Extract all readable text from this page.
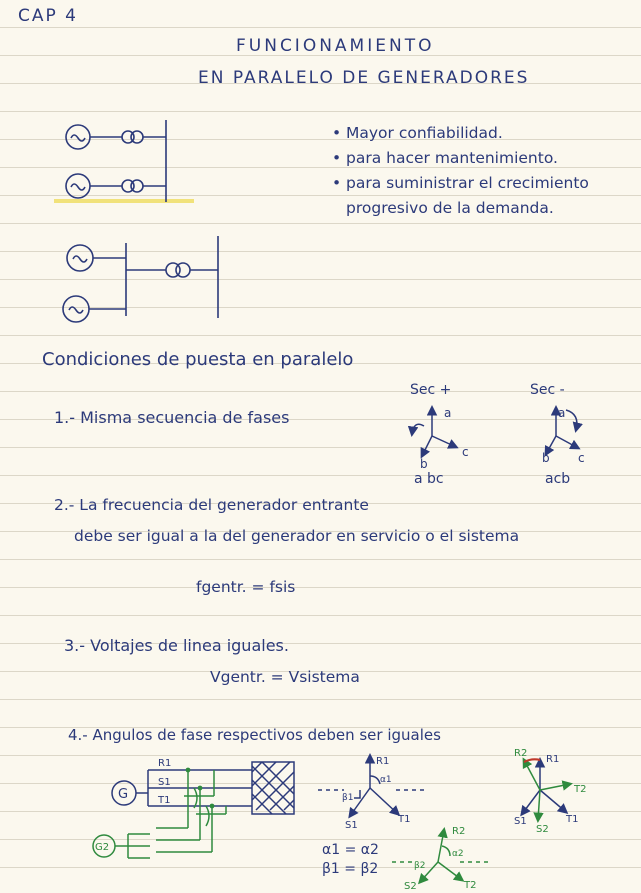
CAP 4
FUNCIONAMIENTO
EN PARALELO DE GENERADORES
• Mayor confiabilidad.
• para hacer mantenimiento.
• para suministrar el crecimiento
progresivo de la demanda.
Condiciones de puesta en paralelo
1.- Misma secuencia de fases
Sec +	Sec -
a bc	acb
2.- La frecuencia del generador entrante
debe ser igual a la del generador en servicio o el sistema
fgentr. = fsis
3.- Voltajes de linea iguales.
Vgentr. = Vsistema
4.- Angulos de fase respectivos deben ser iguales
α1 = α2
β1 = β2
a
b
c
a
b c
G
G2
R1
S1
T1
R1
S1
T1
α1
β1
R2
S2	T2
α2
β2
R1
R2
S1
S2
T1
T2
